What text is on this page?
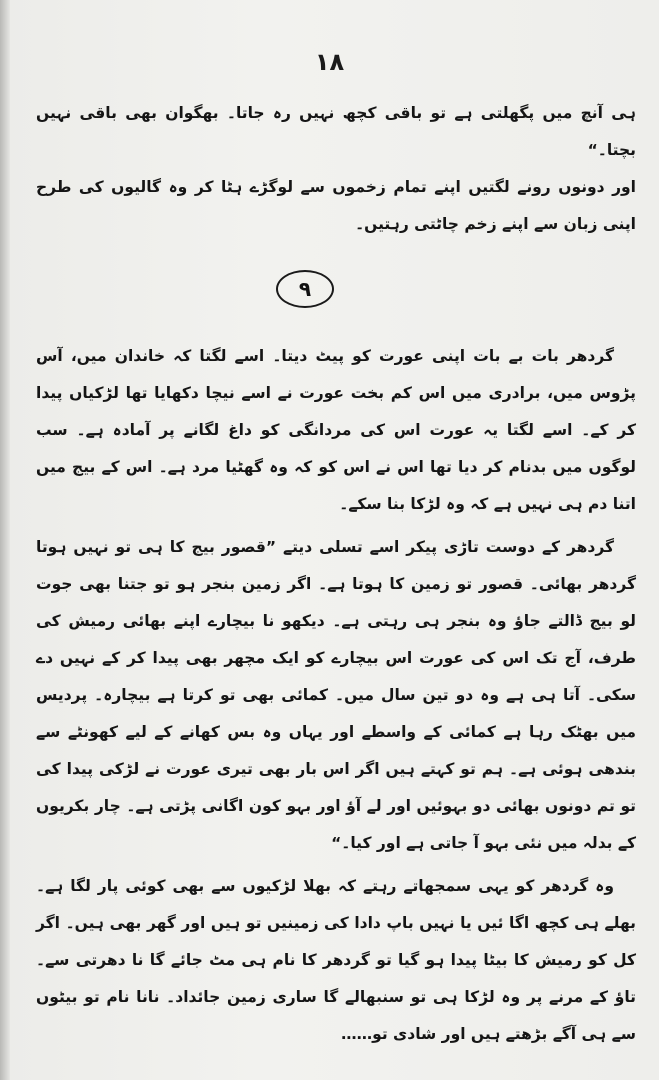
۱۸

ہی آنچ میں پگھلتی ہے تو باقی کچھ نہیں رہ جاتا۔ بھگوان بھی باقی نہیں بچتا۔“

اور دونوں رونے لگتیں اپنے تمام زخموں سے لوگڑے ہٹا کر وہ گالیوں کی طرح اپنی زبان سے اپنے زخم چاٹتی رہتیں۔

۹

گردھر بات بے بات اپنی عورت کو پیٹ دیتا۔ اسے لگتا کہ خاندان میں، آس پڑوس میں، برادری میں اس کم بخت عورت نے اسے نیچا دکھایا تھا لڑکیاں پیدا کر کے۔ اسے لگتا یہ عورت اس کی مردانگی کو داغ لگانے پر آمادہ ہے۔ سب لوگوں میں بدنام کر دیا تھا اس نے اس کو کہ وہ گھٹیا مرد ہے۔ اس کے بیج میں اتنا دم ہی نہیں ہے کہ وہ لڑکا بنا سکے۔

گردھر کے دوست تاڑی پیکر اسے تسلی دیتے ”قصور بیج کا ہی تو نہیں ہوتا گردھر بھائی۔ قصور تو زمین کا ہوتا ہے۔ اگر زمین بنجر ہو تو جتنا بھی جوت لو بیج ڈالتے جاؤ وہ بنجر ہی رہتی ہے۔ دیکھو نا بیچارے اپنے بھائی رمیش کی طرف، آج تک اس کی عورت اس بیچارے کو ایک مچھر بھی پیدا کر کے نہیں دے سکی۔ آتا ہی ہے وہ دو تین سال میں۔ کمائی بھی تو کرتا ہے بیچارہ۔ پردیس میں بھٹک رہا ہے کمائی کے واسطے اور یہاں وہ بس کھانے کے لیے کھونٹے سے بندھی ہوئی ہے۔ ہم تو کہتے ہیں اگر اس بار بھی تیری عورت نے لڑکی پیدا کی تو تم دونوں بھائی دو بہوئیں اور لے آؤ اور بہو کون اگانی پڑتی ہے۔ چار بکریوں کے بدلہ میں نئی بہو آ جاتی ہے اور کیا۔“

وہ گردھر کو یہی سمجھاتے رہتے کہ بھلا لڑکیوں سے بھی کوئی پار لگا ہے۔ بھلے ہی کچھ اگا ئیں یا نہیں باپ دادا کی زمینیں تو ہیں اور گھر بھی ہیں۔ اگر کل کو رمیش کا بیٹا پیدا ہو گیا تو گردھر کا نام ہی مٹ جائے گا نا دھرتی سے۔ تاؤ کے مرنے پر وہ لڑکا ہی تو سنبھالے گا ساری زمین جائداد۔ نانا نام تو بیٹوں سے ہی آگے بڑھتے ہیں اور شادی تو……
